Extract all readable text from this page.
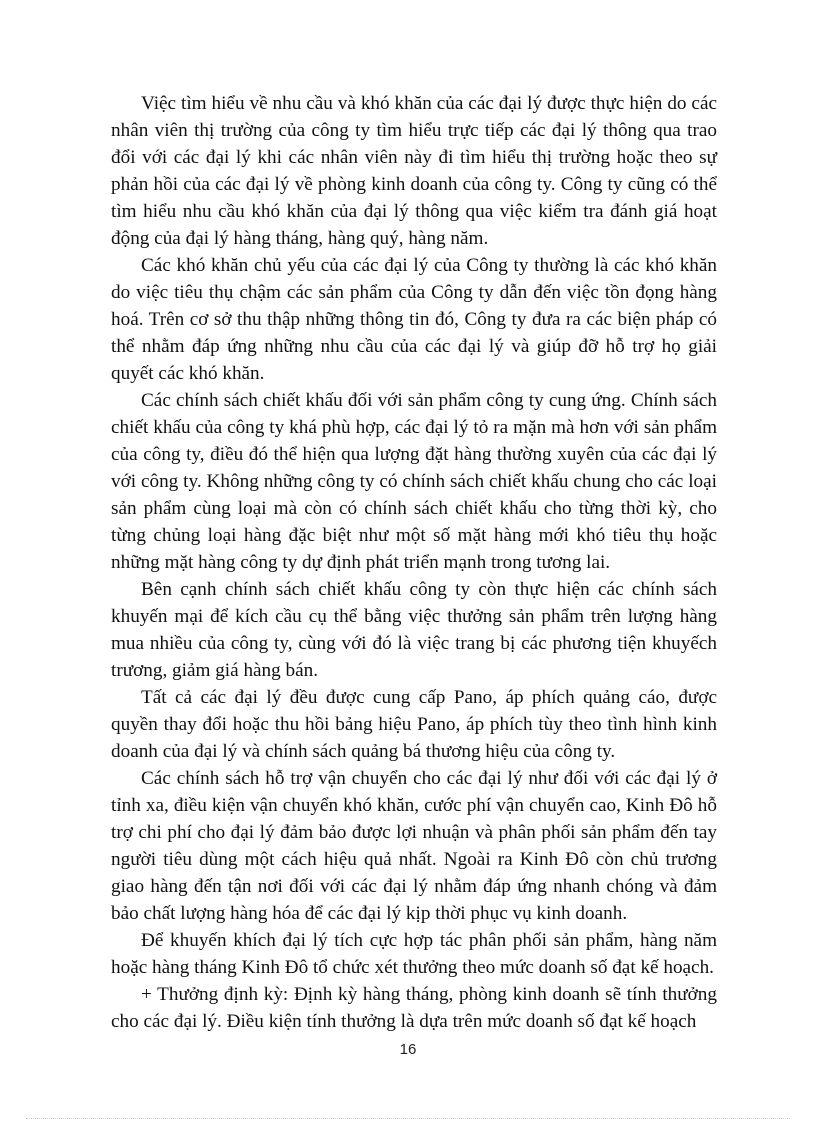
Việc tìm hiểu về nhu cầu và khó khăn của các đại lý được thực hiện do các nhân viên thị trường của công ty tìm hiểu trực tiếp các đại lý thông qua trao đổi với các đại lý khi các nhân viên này đi tìm hiểu thị trường hoặc theo sự phản hồi của các đại lý về phòng kinh doanh của công ty. Công ty cũng có thể tìm hiểu nhu cầu khó khăn của đại lý thông qua việc kiểm tra đánh giá hoạt động của đại lý hàng tháng, hàng quý, hàng năm.

Các khó khăn chủ yếu của các đại lý của Công ty thường là các khó khăn do việc tiêu thụ chậm các sản phẩm của Công ty dẫn đến việc tồn đọng hàng hoá. Trên cơ sở thu thập những thông tin đó, Công ty đưa ra các biện pháp có thể nhằm đáp ứng những nhu cầu của các đại lý và giúp đỡ hỗ trợ họ giải quyết các khó khăn.

Các chính sách chiết khấu đối với sản phẩm công ty cung ứng. Chính sách chiết khấu của công ty khá phù hợp, các đại lý tỏ ra mặn mà hơn với sản phẩm của công ty, điều đó thể hiện qua lượng đặt hàng thường xuyên của các đại lý với công ty. Không những công ty có chính sách chiết khấu chung cho các loại sản phẩm cùng loại mà còn có chính sách chiết khấu cho từng thời kỳ, cho từng chủng loại hàng đặc biệt như một số mặt hàng mới khó tiêu thụ hoặc những mặt hàng công ty dự định phát triển mạnh trong tương lai.

Bên cạnh chính sách chiết khấu công ty còn thực hiện các chính sách khuyến mại để kích cầu cụ thể bằng việc thưởng sản phẩm trên lượng hàng mua nhiều của công ty, cùng với đó là việc trang bị các phương tiện khuyếch trương, giảm giá hàng bán.

Tất cả các đại lý đều được cung cấp Pano, áp phích quảng cáo, được quyền thay đổi hoặc thu hồi bảng hiệu Pano, áp phích tùy theo tình hình kinh doanh của đại lý và chính sách quảng bá thương hiệu của công ty.

Các chính sách hỗ trợ vận chuyển cho các đại lý như đối với các đại lý ở tỉnh xa, điều kiện vận chuyển khó khăn, cước phí vận chuyển cao, Kinh Đô hỗ trợ chi phí cho đại lý đảm bảo được lợi nhuận và phân phối sản phẩm đến tay người tiêu dùng một cách hiệu quả nhất. Ngoài ra Kinh Đô còn chủ trương giao hàng đến tận nơi đối với các đại lý nhằm đáp ứng nhanh chóng và đảm bảo chất lượng hàng hóa để các đại lý kịp thời phục vụ kinh doanh.

Để khuyến khích đại lý tích cực hợp tác phân phối sản phẩm, hàng năm hoặc hàng tháng Kinh Đô tổ chức xét thưởng theo mức doanh số đạt kế hoạch.

+ Thưởng định kỳ: Định kỳ hàng tháng, phòng kinh doanh sẽ tính thưởng cho các đại lý. Điều kiện tính thưởng là dựa trên mức doanh số đạt kế hoạch

16
